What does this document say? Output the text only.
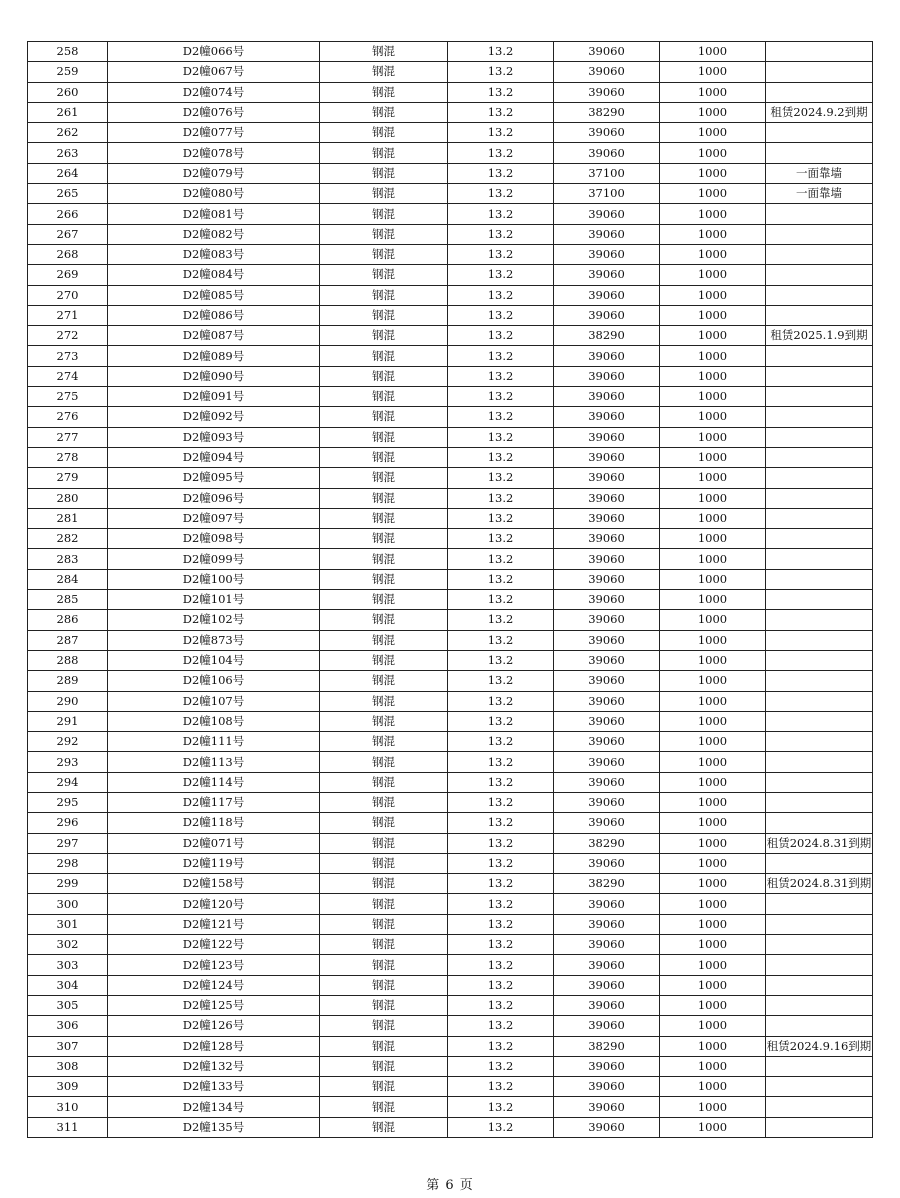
258	D2幢066号	钢混	13.2	39060	1000	
259	D2幢067号	钢混	13.2	39060	1000	
260	D2幢074号	钢混	13.2	39060	1000	
261	D2幢076号	钢混	13.2	38290	1000	租赁2024.9.2到期
262	D2幢077号	钢混	13.2	39060	1000	
263	D2幢078号	钢混	13.2	39060	1000	
264	D2幢079号	钢混	13.2	37100	1000	一面靠墙
265	D2幢080号	钢混	13.2	37100	1000	一面靠墙
266	D2幢081号	钢混	13.2	39060	1000	
267	D2幢082号	钢混	13.2	39060	1000	
268	D2幢083号	钢混	13.2	39060	1000	
269	D2幢084号	钢混	13.2	39060	1000	
270	D2幢085号	钢混	13.2	39060	1000	
271	D2幢086号	钢混	13.2	39060	1000	
272	D2幢087号	钢混	13.2	38290	1000	租赁2025.1.9到期
273	D2幢089号	钢混	13.2	39060	1000	
274	D2幢090号	钢混	13.2	39060	1000	
275	D2幢091号	钢混	13.2	39060	1000	
276	D2幢092号	钢混	13.2	39060	1000	
277	D2幢093号	钢混	13.2	39060	1000	
278	D2幢094号	钢混	13.2	39060	1000	
279	D2幢095号	钢混	13.2	39060	1000	
280	D2幢096号	钢混	13.2	39060	1000	
281	D2幢097号	钢混	13.2	39060	1000	
282	D2幢098号	钢混	13.2	39060	1000	
283	D2幢099号	钢混	13.2	39060	1000	
284	D2幢100号	钢混	13.2	39060	1000	
285	D2幢101号	钢混	13.2	39060	1000	
286	D2幢102号	钢混	13.2	39060	1000	
287	D2幢873号	钢混	13.2	39060	1000	
288	D2幢104号	钢混	13.2	39060	1000	
289	D2幢106号	钢混	13.2	39060	1000	
290	D2幢107号	钢混	13.2	39060	1000	
291	D2幢108号	钢混	13.2	39060	1000	
292	D2幢111号	钢混	13.2	39060	1000	
293	D2幢113号	钢混	13.2	39060	1000	
294	D2幢114号	钢混	13.2	39060	1000	
295	D2幢117号	钢混	13.2	39060	1000	
296	D2幢118号	钢混	13.2	39060	1000	
297	D2幢071号	钢混	13.2	38290	1000	租赁2024.8.31到期
298	D2幢119号	钢混	13.2	39060	1000	
299	D2幢158号	钢混	13.2	38290	1000	租赁2024.8.31到期
300	D2幢120号	钢混	13.2	39060	1000	
301	D2幢121号	钢混	13.2	39060	1000	
302	D2幢122号	钢混	13.2	39060	1000	
303	D2幢123号	钢混	13.2	39060	1000	
304	D2幢124号	钢混	13.2	39060	1000	
305	D2幢125号	钢混	13.2	39060	1000	
306	D2幢126号	钢混	13.2	39060	1000	
307	D2幢128号	钢混	13.2	38290	1000	租赁2024.9.16到期
308	D2幢132号	钢混	13.2	39060	1000	
309	D2幢133号	钢混	13.2	39060	1000	
310	D2幢134号	钢混	13.2	39060	1000	
311	D2幢135号	钢混	13.2	39060	1000	
第 6 页
